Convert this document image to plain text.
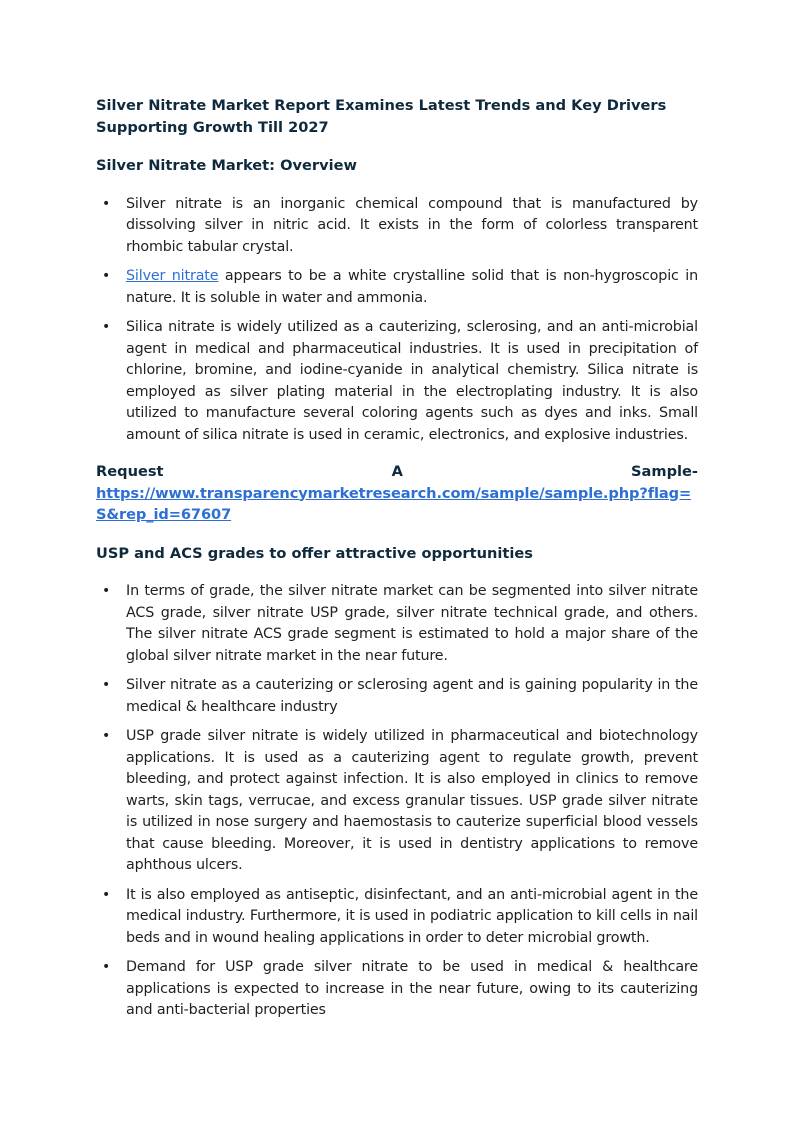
Silver Nitrate Market Report Examines Latest Trends and Key Drivers Supporting Growth Till 2027
Silver Nitrate Market: Overview
• Silver nitrate is an inorganic chemical compound that is manufactured by dissolving silver in nitric acid. It exists in the form of colorless transparent rhombic tabular crystal.
• Silver nitrate appears to be a white crystalline solid that is non-hygroscopic in nature. It is soluble in water and ammonia.
• Silica nitrate is widely utilized as a cauterizing, sclerosing, and an anti-microbial agent in medical and pharmaceutical industries. It is used in precipitation of chlorine, bromine, and iodine-cyanide in analytical chemistry. Silica nitrate is employed as silver plating material in the electroplating industry. It is also utilized to manufacture several coloring agents such as dyes and inks. Small amount of silica nitrate is used in ceramic, electronics, and explosive industries.
Request	A	Sample-
https://www.transparencymarketresearch.com/sample/sample.php?flag=S&rep_id=67607
USP and ACS grades to offer attractive opportunities
• In terms of grade, the silver nitrate market can be segmented into silver nitrate ACS grade, silver nitrate USP grade, silver nitrate technical grade, and others. The silver nitrate ACS grade segment is estimated to hold a major share of the global silver nitrate market in the near future.
• Silver nitrate as a cauterizing or sclerosing agent and is gaining popularity in the medical & healthcare industry
• USP grade silver nitrate is widely utilized in pharmaceutical and biotechnology applications. It is used as a cauterizing agent to regulate growth, prevent bleeding, and protect against infection. It is also employed in clinics to remove warts, skin tags, verrucae, and excess granular tissues. USP grade silver nitrate is utilized in nose surgery and haemostasis to cauterize superficial blood vessels that cause bleeding. Moreover, it is used in dentistry applications to remove aphthous ulcers.
• It is also employed as antiseptic, disinfectant, and an anti-microbial agent in the medical industry. Furthermore, it is used in podiatric application to kill cells in nail beds and in wound healing applications in order to deter microbial growth.
• Demand for USP grade silver nitrate to be used in medical & healthcare applications is expected to increase in the near future, owing to its cauterizing and anti-bacterial properties
